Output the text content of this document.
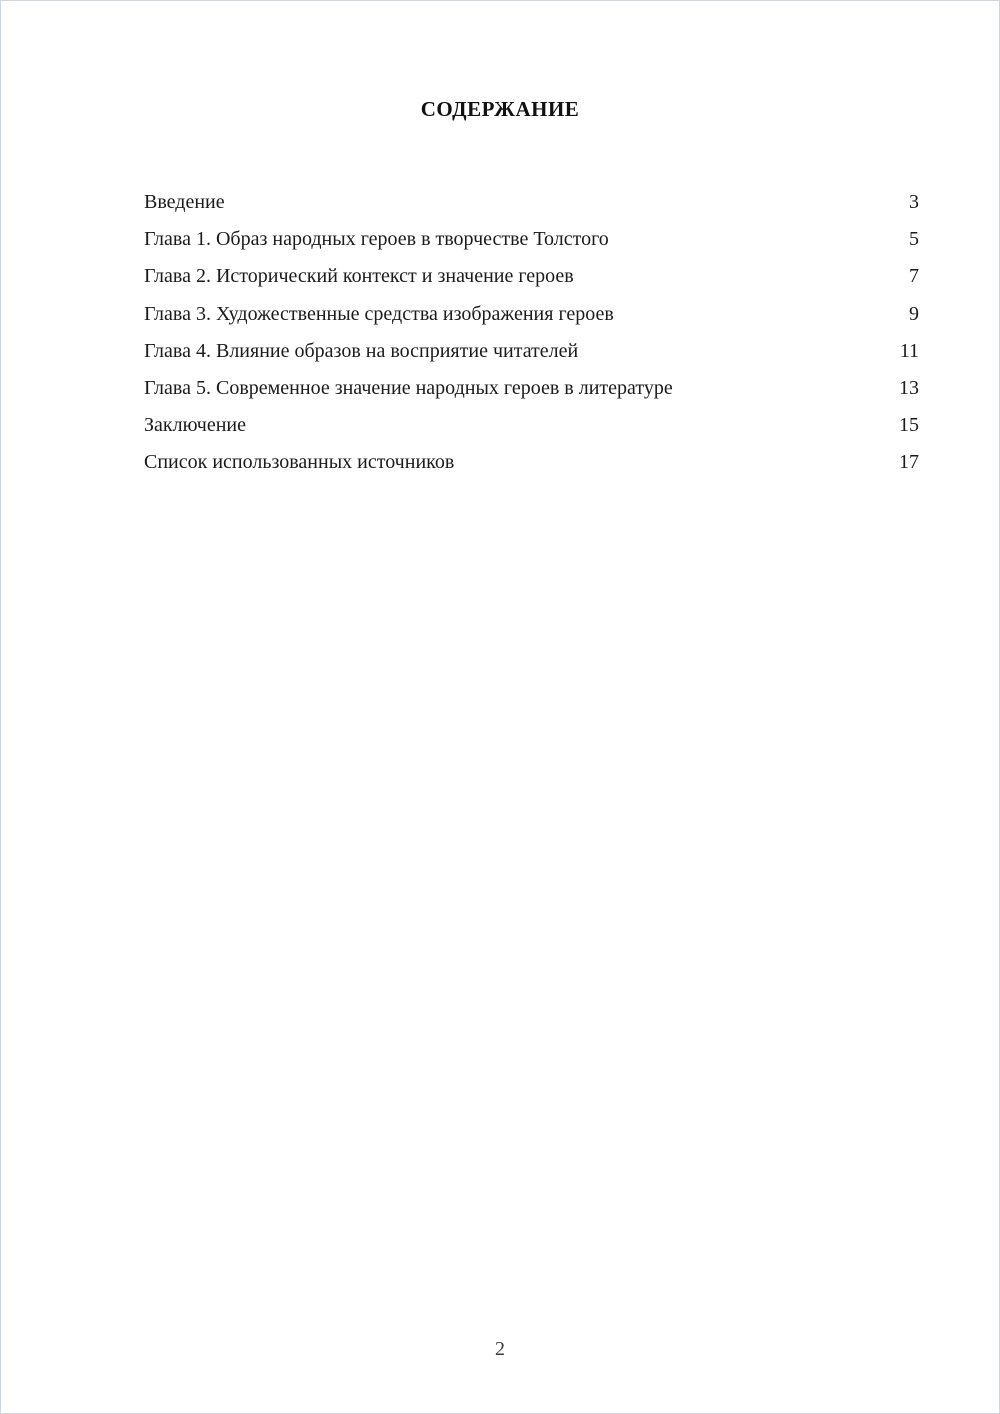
СОДЕРЖАНИЕ
Введение	3
Глава 1. Образ народных героев в творчестве Толстого	5
Глава 2. Исторический контекст и значение героев	7
Глава 3. Художественные средства изображения героев	9
Глава 4. Влияние образов на восприятие читателей	11
Глава 5. Современное значение народных героев в литературе	13
Заключение	15
Список использованных источников	17
2
